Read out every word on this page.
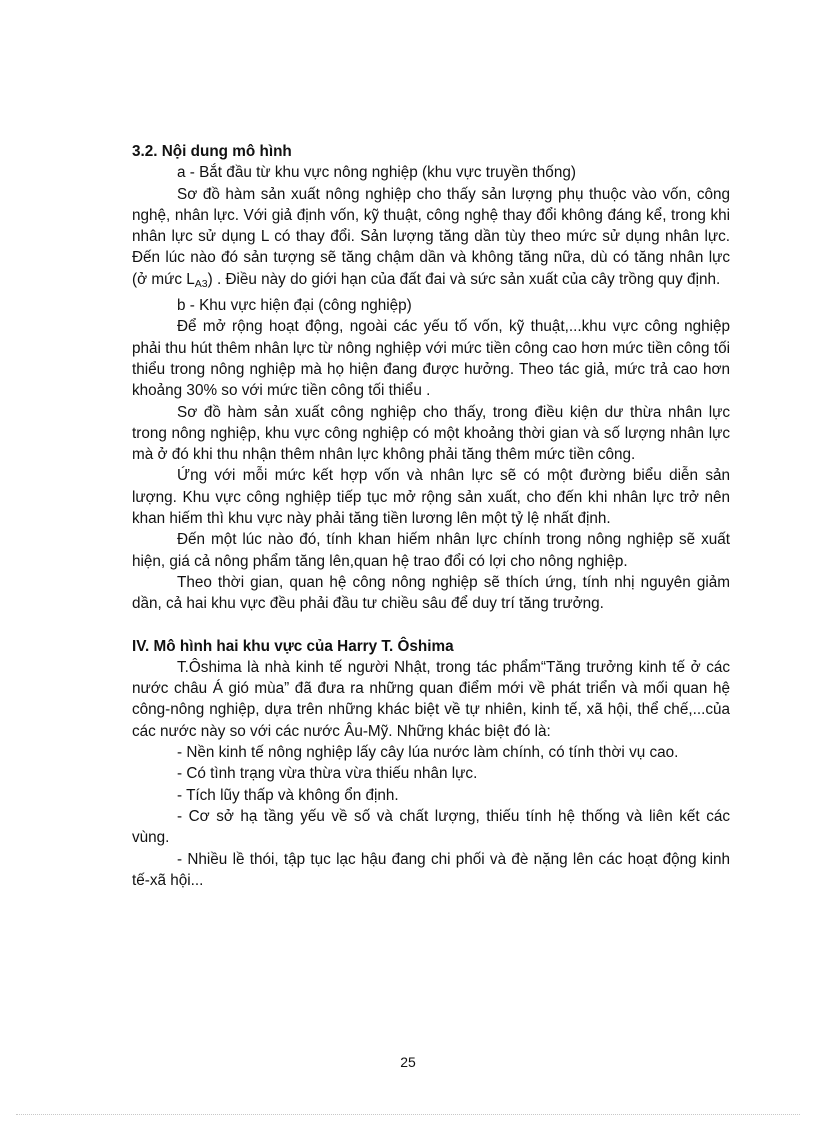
3.2. Nội dung mô hình

a - Bắt đầu từ khu vực nông nghiệp (khu vực truyền thống)

Sơ đồ hàm sản xuất nông nghiệp cho thấy sản lượng phụ thuộc vào vốn, công nghệ, nhân lực. Với giả định vốn, kỹ thuật, công nghệ thay đổi không đáng kể, trong khi nhân lực sử dụng L có thay đổi. Sản lượng tăng dần tùy theo mức sử dụng nhân lực. Đến lúc nào đó sản tượng sẽ tăng chậm dần và không tăng nữa, dù có tăng nhân lực (ở mức $L_{A3}$) . Điều này do giới hạn của đất đai và sức sản xuất của cây trồng quy định.

b - Khu vực hiện đại (công nghiệp)

Để mở rộng hoạt động, ngoài các yếu tố vốn, kỹ thuật,...khu vực công nghiệp phải thu hút thêm nhân lực từ nông nghiệp với mức tiền công cao hơn mức tiền công tối thiểu trong nông nghiệp mà họ hiện đang được hưởng. Theo tác giả, mức trả cao hơn khoảng 30% so với mức tiền công tối thiểu .

Sơ đồ hàm sản xuất công nghiệp cho thấy, trong điều kiện dư thừa nhân lực trong nông nghiệp, khu vực công nghiệp có một khoảng thời gian và số lượng nhân lực mà ở đó khi thu nhận thêm nhân lực không phải tăng thêm mức tiền công.

Ứng với mỗi mức kết hợp vốn và nhân lực sẽ có một đường biểu diễn sản lượng. Khu vực công nghiệp tiếp tục mở rộng sản xuất, cho đến khi nhân lực trở nên khan hiếm thì khu vực này phải tăng tiền lương lên một tỷ lệ nhất định.

Đến một lúc nào đó, tính khan hiếm nhân lực chính trong nông nghiệp sẽ xuất hiện, giá cả nông phẩm tăng lên,quan hệ trao đổi có lợi cho nông nghiệp.

Theo thời gian, quan hệ công nông nghiệp sẽ thích ứng, tính nhị nguyên giảm dần, cả hai khu vực đều phải đầu tư chiều sâu để duy trí tăng trưởng.

IV. Mô hình hai khu vực của Harry T. Ôshima

T.Ôshima là nhà kinh tế người Nhật, trong tác phẩm“Tăng trưởng kinh tế ở các nước châu Á gió mùa” đã đưa ra những quan điểm mới về phát triển và mối quan hệ công-nông nghiệp, dựa trên những khác biệt về tự nhiên, kinh tế, xã hội, thể chế,...của các nước này so với các nước Âu-Mỹ. Những khác biệt đó là:

- Nền kinh tế nông nghiệp lấy cây lúa nước làm chính, có tính thời vụ cao.

- Có tình trạng vừa thừa vừa thiếu nhân lực.

- Tích lũy thấp và không ổn định.

- Cơ sở hạ tầng yếu về số và chất lượng, thiếu tính hệ thống và liên kết các vùng.

- Nhiều lề thói, tập tục lạc hậu đang chi phối và đè nặng lên các hoạt động kinh tế-xã hội...

25
